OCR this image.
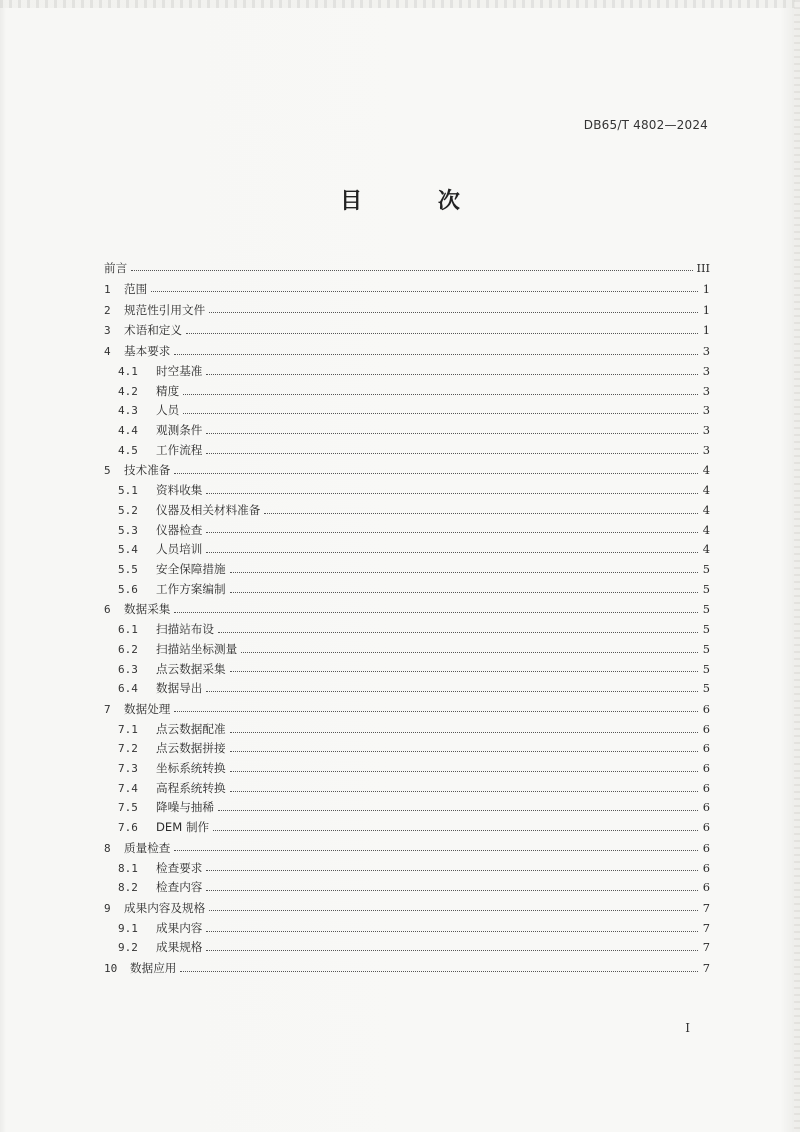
DB65/T 4802—2024
目 次
前言	III
1	范围	1
2	规范性引用文件	1
3	术语和定义	1
4	基本要求	3
4.1	时空基准	3
4.2	精度	3
4.3	人员	3
4.4	观测条件	3
4.5	工作流程	3
5	技术准备	4
5.1	资料收集	4
5.2	仪器及相关材料准备	4
5.3	仪器检查	4
5.4	人员培训	4
5.5	安全保障措施	5
5.6	工作方案编制	5
6	数据采集	5
6.1	扫描站布设	5
6.2	扫描站坐标测量	5
6.3	点云数据采集	5
6.4	数据导出	5
7	数据处理	6
7.1	点云数据配准	6
7.2	点云数据拼接	6
7.3	坐标系统转换	6
7.4	高程系统转换	6
7.5	降噪与抽稀	6
7.6	DEM 制作	6
8	质量检查	6
8.1	检查要求	6
8.2	检查内容	6
9	成果内容及规格	7
9.1	成果内容	7
9.2	成果规格	7
10	数据应用	7
I
